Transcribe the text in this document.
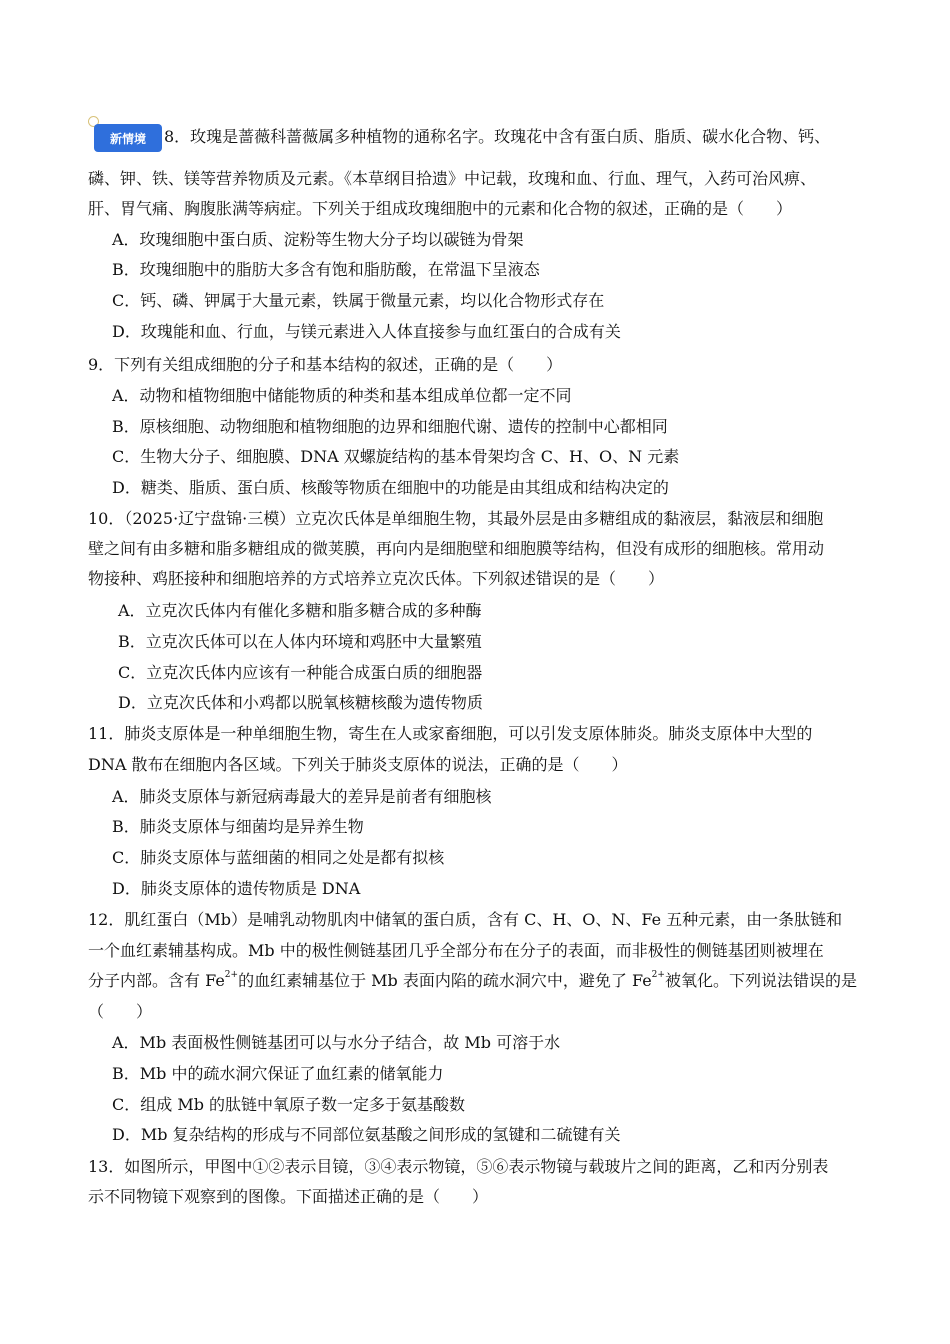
新情境	8．玫瑰是蔷薇科蔷薇属多种植物的通称名字。玫瑰花中含有蛋白质、脂质、碳水化合物、钙、
磷、钾、铁、镁等营养物质及元素。《本草纲目拾遗》中记载，玫瑰和血、行血、理气，入药可治风痹、
肝、胃气痛、胸腹胀满等病症。下列关于组成玫瑰细胞中的元素和化合物的叙述，正确的是（　　）
A．玫瑰细胞中蛋白质、淀粉等生物大分子均以碳链为骨架
B．玫瑰细胞中的脂肪大多含有饱和脂肪酸，在常温下呈液态
C．钙、磷、钾属于大量元素，铁属于微量元素，均以化合物形式存在
D．玫瑰能和血、行血，与镁元素进入人体直接参与血红蛋白的合成有关
9．下列有关组成细胞的分子和基本结构的叙述，正确的是（　　）
A．动物和植物细胞中储能物质的种类和基本组成单位都一定不同
B．原核细胞、动物细胞和植物细胞的边界和细胞代谢、遗传的控制中心都相同
C．生物大分子、细胞膜、DNA 双螺旋结构的基本骨架均含 C、H、O、N 元素
D．糖类、脂质、蛋白质、核酸等物质在细胞中的功能是由其组成和结构决定的
10．（2025·辽宁盘锦·三模）立克次氏体是单细胞生物，其最外层是由多糖组成的黏液层，黏液层和细胞
壁之间有由多糖和脂多糖组成的微荚膜，再向内是细胞壁和细胞膜等结构，但没有成形的细胞核。常用动
物接种、鸡胚接种和细胞培养的方式培养立克次氏体。下列叙述错误的是（　　）
A．立克次氏体内有催化多糖和脂多糖合成的多种酶
B．立克次氏体可以在人体内环境和鸡胚中大量繁殖
C．立克次氏体内应该有一种能合成蛋白质的细胞器
D．立克次氏体和小鸡都以脱氧核糖核酸为遗传物质
11．肺炎支原体是一种单细胞生物，寄生在人或家畜细胞，可以引发支原体肺炎。肺炎支原体中大型的
DNA 散布在细胞内各区域。下列关于肺炎支原体的说法，正确的是（　　）
A．肺炎支原体与新冠病毒最大的差异是前者有细胞核
B．肺炎支原体与细菌均是异养生物
C．肺炎支原体与蓝细菌的相同之处是都有拟核
D．肺炎支原体的遗传物质是 DNA
12．肌红蛋白（Mb）是哺乳动物肌肉中储氧的蛋白质，含有 C、H、O、N、Fe 五种元素，由一条肽链和
一个血红素辅基构成。Mb 中的极性侧链基团几乎全部分布在分子的表面，而非极性的侧链基团则被埋在
分子内部。含有 $Fe^{2+}$的血红素辅基位于 Mb 表面内陷的疏水洞穴中，避免了 $Fe^{2+}$被氧化。下列说法错误的是
（　　）
A．Mb 表面极性侧链基团可以与水分子结合，故 Mb 可溶于水
B．Mb 中的疏水洞穴保证了血红素的储氧能力
C．组成 Mb 的肽链中氧原子数一定多于氨基酸数
D．Mb 复杂结构的形成与不同部位氨基酸之间形成的氢键和二硫键有关
13．如图所示，甲图中①②表示目镜，③④表示物镜，⑤⑥表示物镜与载玻片之间的距离，乙和丙分别表
示不同物镜下观察到的图像。下面描述正确的是（　　）
